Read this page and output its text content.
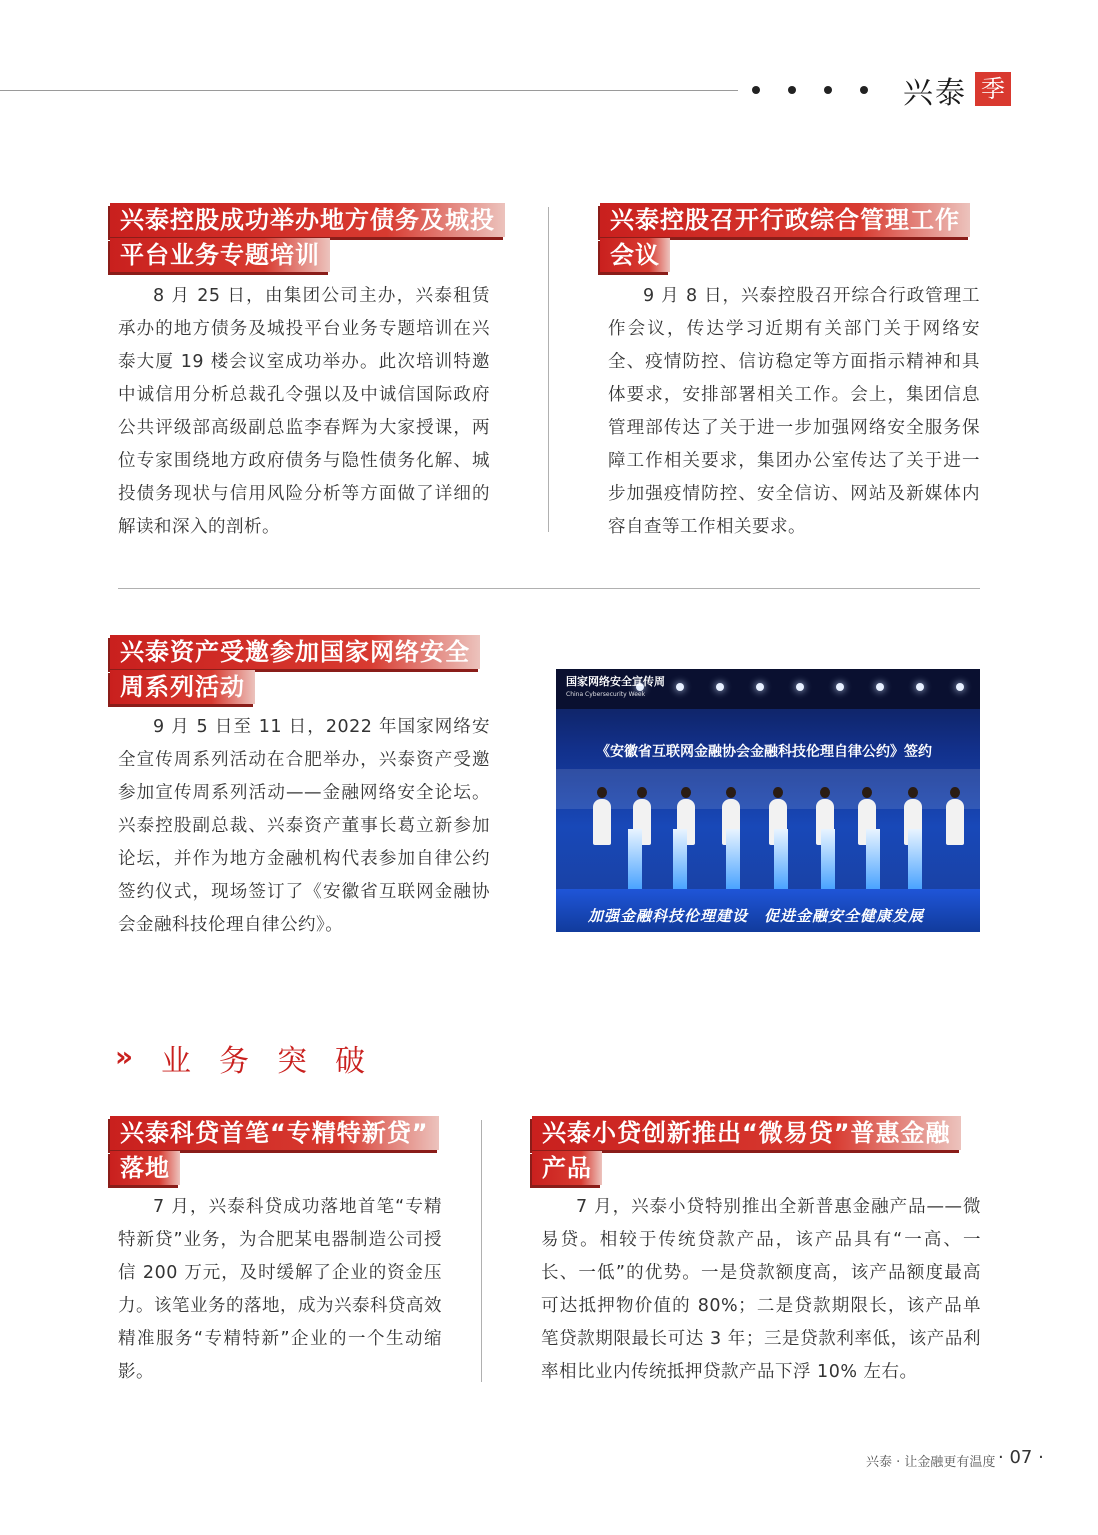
兴泰 季
兴泰控股成功举办地方债务及城投
平台业务专题培训

8 月 25 日，由集团公司主办，兴泰租赁承办的地方债务及城投平台业务专题培训在兴泰大厦 19 楼会议室成功举办。此次培训特邀中诚信用分析总裁孔令强以及中诚信国际政府公共评级部高级副总监李春辉为大家授课，两位专家围绕地方政府债务与隐性债务化解、城投债务现状与信用风险分析等方面做了详细的解读和深入的剖析。

兴泰控股召开行政综合管理工作
会议

9 月 8 日，兴泰控股召开综合行政管理工作会议，传达学习近期有关部门关于网络安全、疫情防控、信访稳定等方面指示精神和具体要求，安排部署相关工作。会上，集团信息管理部传达了关于进一步加强网络安全服务保障工作相关要求，集团办公室传达了关于进一步加强疫情防控、安全信访、网站及新媒体内容自查等工作相关要求。

兴泰资产受邀参加国家网络安全
周系列活动

9 月 5 日至 11 日，2022 年国家网络安全宣传周系列活动在合肥举办，兴泰资产受邀参加宣传周系列活动——金融网络安全论坛。兴泰控股副总裁、兴泰资产董事长葛立新参加论坛，并作为地方金融机构代表参加自律公约签约仪式，现场签订了《安徽省互联网金融协会金融科技伦理自律公约》。

国家网络安全宣传周
China Cybersecurity Week
《安徽省互联网金融协会金融科技伦理自律公约》签约
加强金融科技伦理建设　促进金融安全健康发展
» 业务突破
兴泰科贷首笔“专精特新贷”
落地

7 月，兴泰科贷成功落地首笔“专精特新贷”业务，为合肥某电器制造公司授信 200 万元，及时缓解了企业的资金压力。该笔业务的落地，成为兴泰科贷高效精准服务“专精特新”企业的一个生动缩影。

兴泰小贷创新推出“微易贷”普惠金融
产品

7 月，兴泰小贷特别推出全新普惠金融产品——微易贷。相较于传统贷款产品，该产品具有“一高、一长、一低”的优势。一是贷款额度高，该产品额度最高可达抵押物价值的 80%；二是贷款期限长，该产品单笔贷款期限最长可达 3 年；三是贷款利率低，该产品利率相比业内传统抵押贷款产品下浮 10% 左右。

兴泰 · 让金融更有温度 · 07 ·
